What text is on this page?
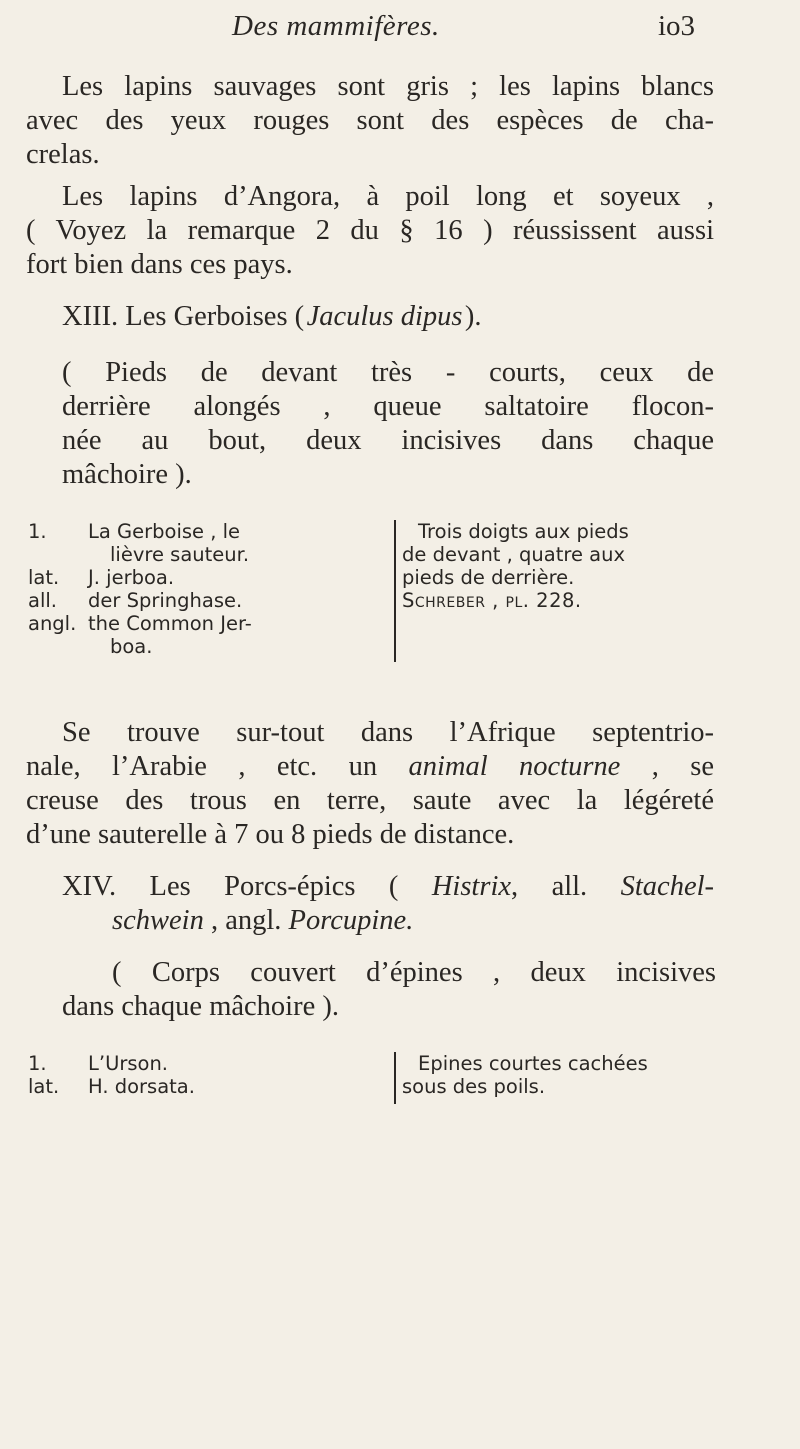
Des mammifères.	io3
Les lapins sauvages sont gris ; les lapins blancs
avec des yeux rouges sont des espèces de cha-
crelas.
Les lapins d’Angora, à poil long et soyeux ,
( Voyez la remarque 2 du § 16 ) réussissent aussi
fort bien dans ces pays.
XIII. Les Gerboises ( Jaculus dipus ).
( Pieds de devant très - courts, ceux de
derrière alongés , queue saltatoire flocon-
née au bout, deux incisives dans chaque
mâchoire ).
1. La Gerboise , le
lièvre sauteur.
lat. J. jerboa.
all. der Springhase.
angl. the Common Jer-
boa.
Trois doigts aux pieds
de devant , quatre aux
pieds de derrière.
Schreber , pl. 228.
Se trouve sur-tout dans l’Afrique septentrio-
nale, l’Arabie , etc. un animal nocturne , se
creuse des trous en terre, saute avec la légéreté
d’une sauterelle à 7 ou 8 pieds de distance.
XIV. Les Porcs-épics ( Histrix, all. Stachel-
schwein , angl. Porcupine.
( Corps couvert d’épines , deux incisives
dans chaque mâchoire ).
1. L’Urson.
lat. H. dorsata.
Epines courtes cachées
sous des poils.
